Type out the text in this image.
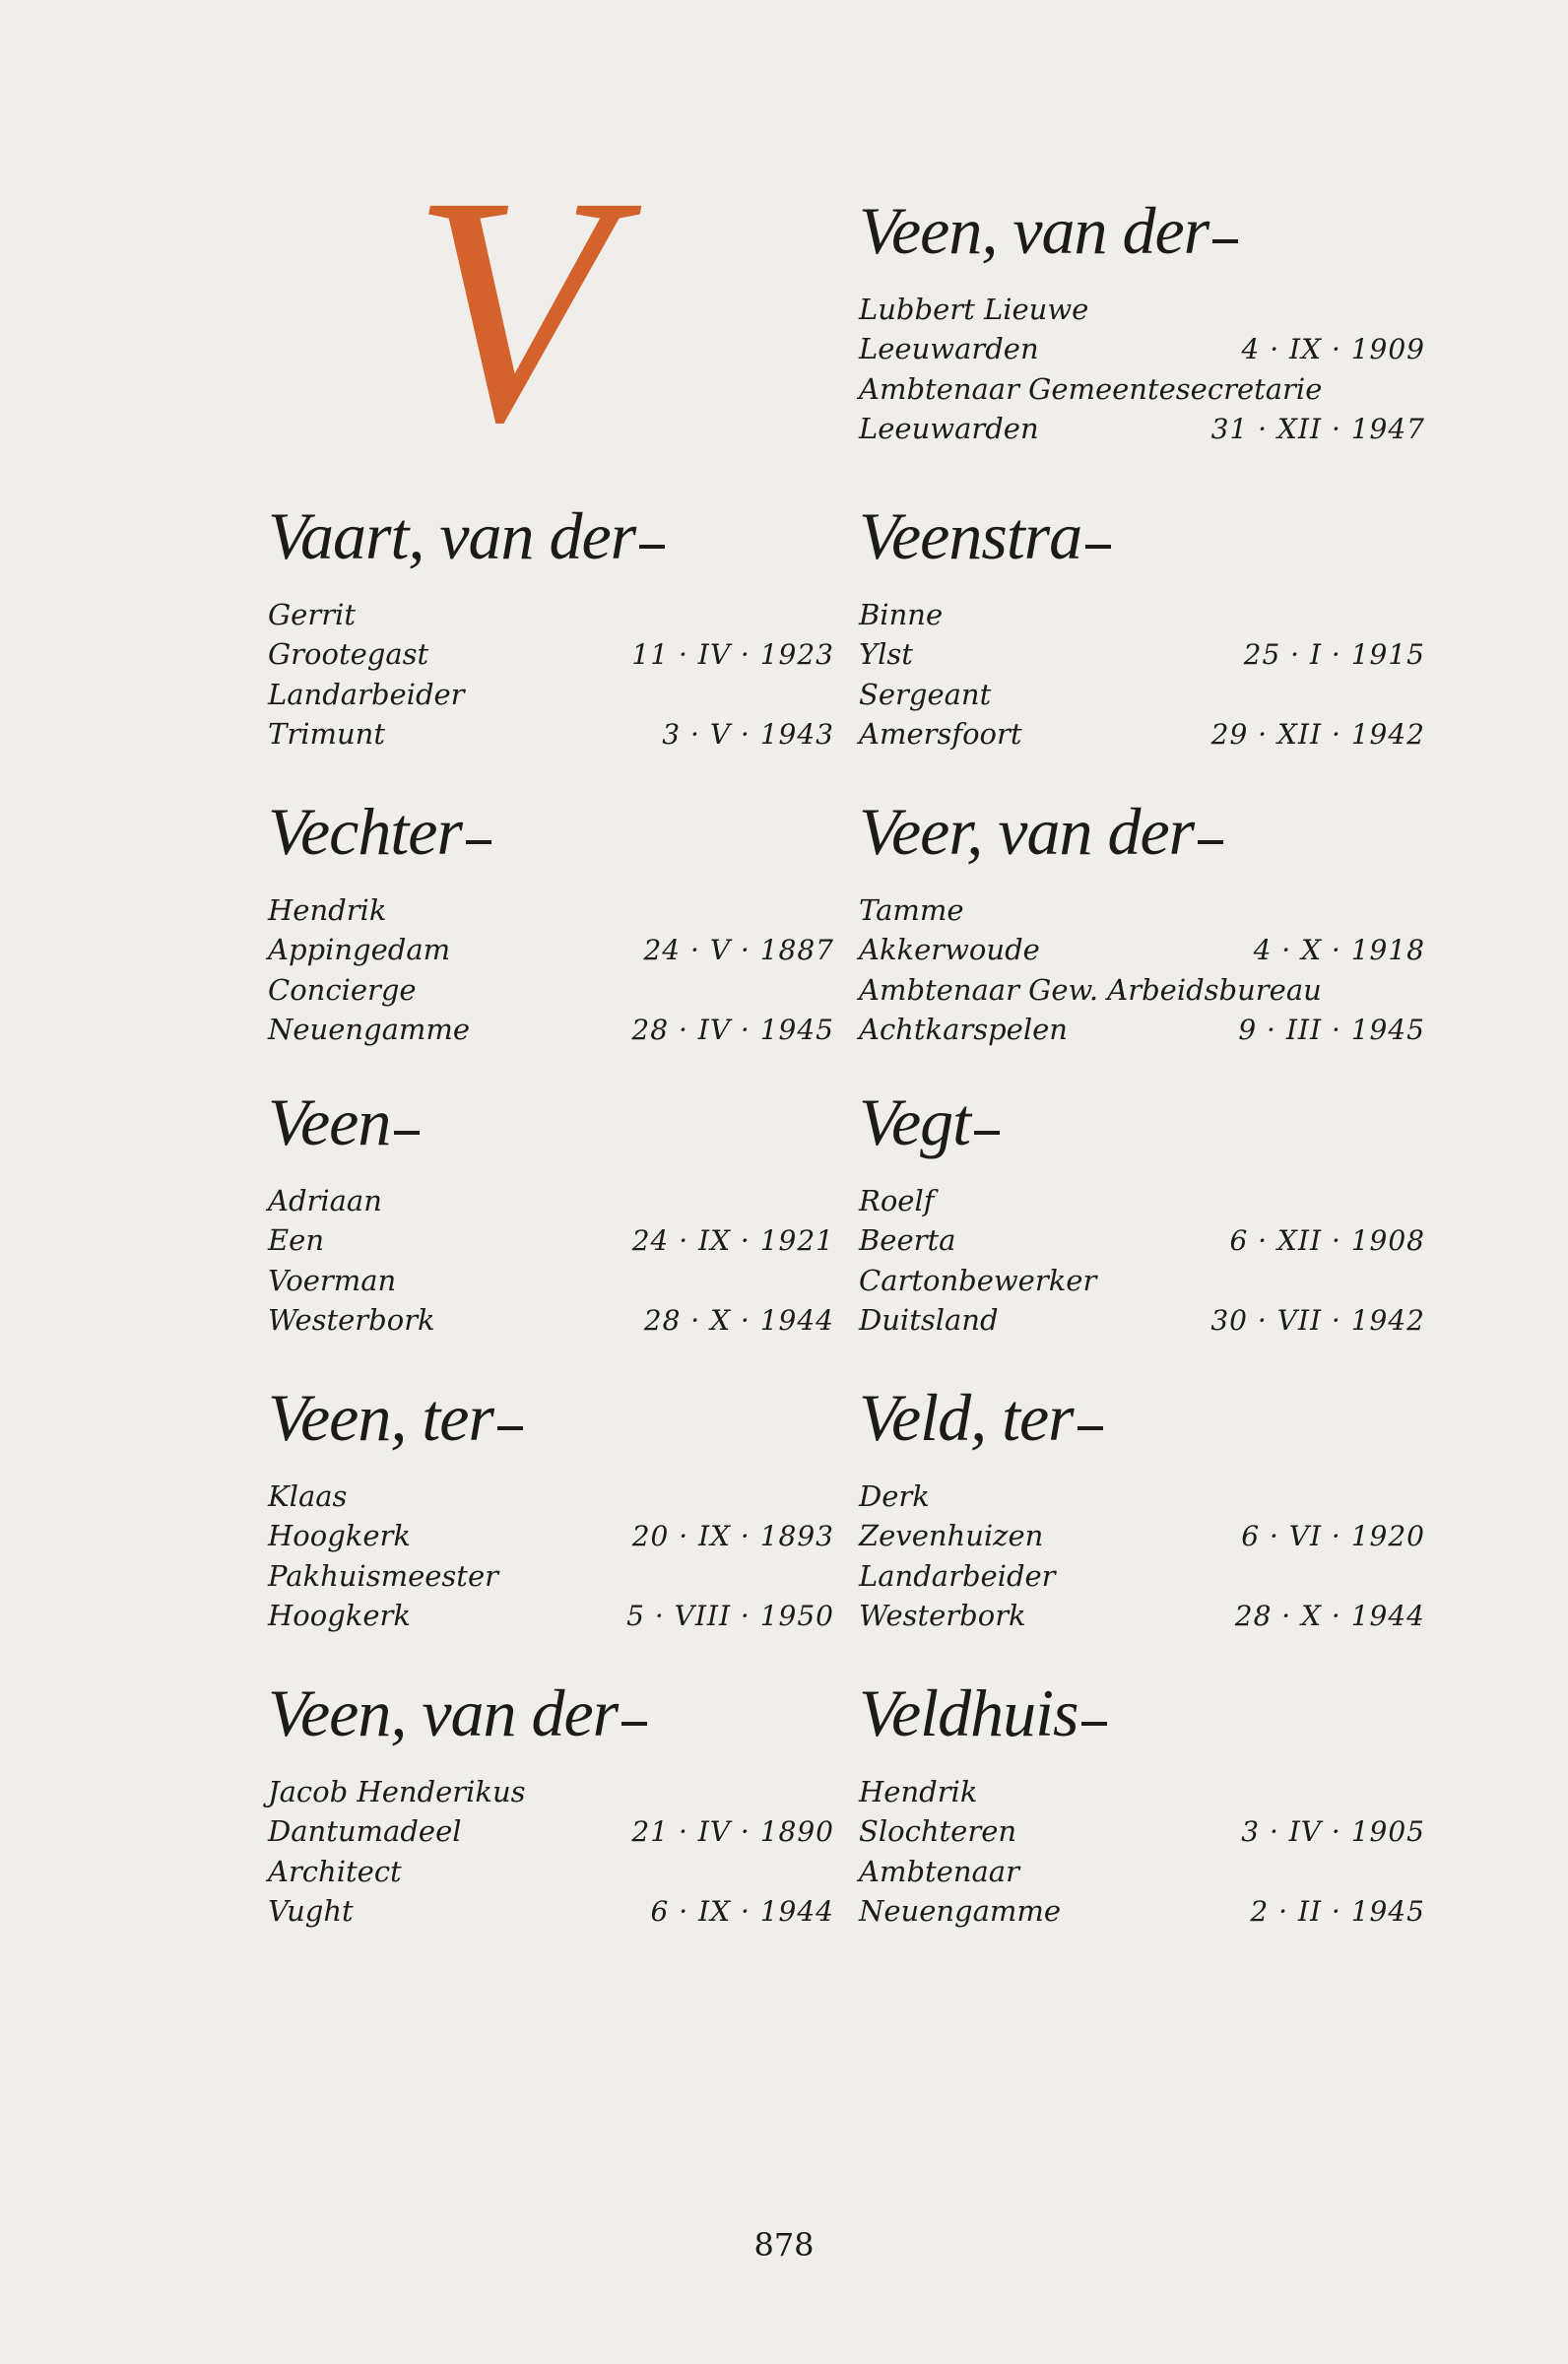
V
Vaart, van der
Gerrit
Grootegast	11 · IV · 1923
Landarbeider
Trimunt	3 · V · 1943
Vechter
Hendrik
Appingedam	24 · V · 1887
Concierge
Neuengamme	28 · IV · 1945
Veen
Adriaan
Een	24 · IX · 1921
Voerman
Westerbork	28 · X · 1944
Veen, ter
Klaas
Hoogkerk	20 · IX · 1893
Pakhuismeester
Hoogkerk	5 · VIII · 1950
Veen, van der
Jacob Henderikus
Dantumadeel	21 · IV · 1890
Architect
Vught	6 · IX · 1944
Veen, van der
Lubbert Lieuwe
Leeuwarden	4 · IX · 1909
Ambtenaar Gemeentesecretarie
Leeuwarden	31 · XII · 1947
Veenstra
Binne
Ylst	25 · I · 1915
Sergeant
Amersfoort	29 · XII · 1942
Veer, van der
Tamme
Akkerwoude	4 · X · 1918
Ambtenaar Gew. Arbeidsbureau
Achtkarspelen	9 · III · 1945
Vegt
Roelf
Beerta	6 · XII · 1908
Cartonbewerker
Duitsland	30 · VII · 1942
Veld, ter
Derk
Zevenhuizen	6 · VI · 1920
Landarbeider
Westerbork	28 · X · 1944
Veldhuis
Hendrik
Slochteren	3 · IV · 1905
Ambtenaar
Neuengamme	2 · II · 1945
878
